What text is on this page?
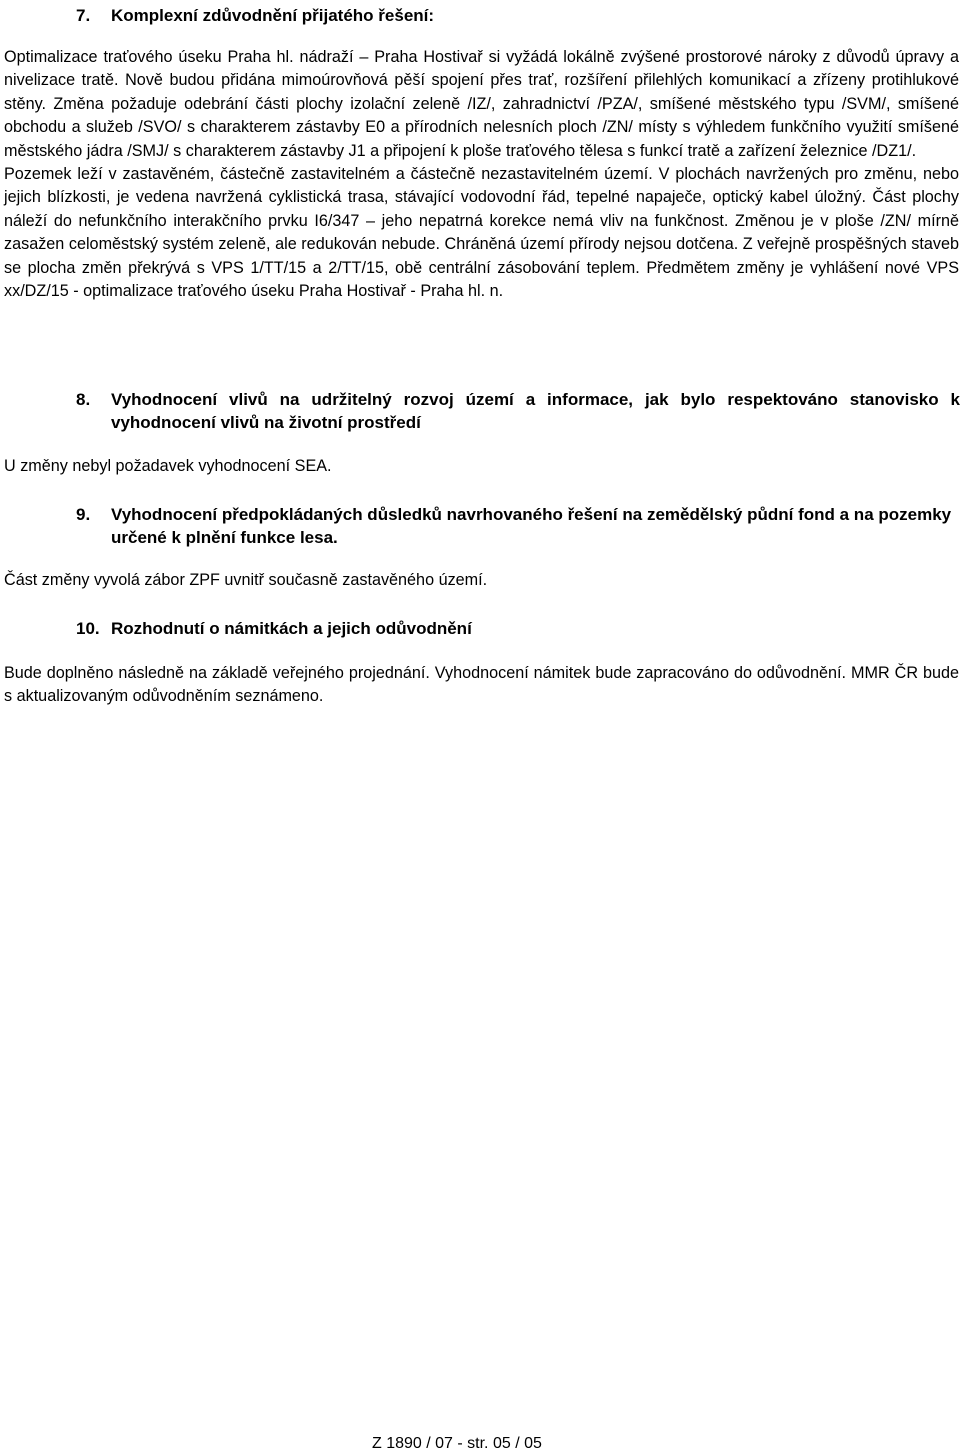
7. Komplexní zdůvodnění přijatého řešení:

Optimalizace traťového úseku Praha hl. nádraží – Praha Hostivař si vyžádá lokálně zvýšené prostorové nároky z důvodů úpravy a nivelizace tratě. Nově budou přidána mimoúrovňová pěší spojení přes trať, rozšíření přilehlých komunikací a zřízeny protihlukové stěny. Změna požaduje odebrání části plochy izolační zeleně /IZ/, zahradnictví /PZA/, smíšené městského typu /SVM/, smíšené obchodu a služeb /SVO/ s charakterem zástavby E0 a přírodních nelesních ploch /ZN/ místy s výhledem funkčního využití smíšené městského jádra /SMJ/ s charakterem zástavby J1 a připojení k ploše traťového tělesa s funkcí tratě a zařízení železnice /DZ1/.

Pozemek leží v zastavěném, částečně zastavitelném a částečně nezastavitelném území. V plochách navržených pro změnu, nebo jejich blízkosti, je vedena navržená cyklistická trasa, stávající vodovodní řád, tepelné napaječe, optický kabel úložný. Část plochy náleží do nefunkčního interakčního prvku I6/347 – jeho nepatrná korekce nemá vliv na funkčnost. Změnou je v ploše /ZN/ mírně zasažen celoměstský systém zeleně, ale redukován nebude. Chráněná území přírody nejsou dotčena. Z veřejně prospěšných staveb se plocha změn překrývá s VPS 1/TT/15 a 2/TT/15, obě centrální zásobování teplem. Předmětem změny je vyhlášení nové VPS xx/DZ/15 - optimalizace traťového úseku Praha Hostivař - Praha hl. n.

8. Vyhodnocení vlivů na udržitelný rozvoj území a informace, jak bylo respektováno stanovisko k vyhodnocení vlivů na životní prostředí

U změny nebyl požadavek vyhodnocení SEA.

9. Vyhodnocení předpokládaných důsledků navrhovaného řešení na zemědělský půdní fond a na pozemky určené k plnění funkce lesa.

Část změny vyvolá zábor ZPF uvnitř současně zastavěného území.

10. Rozhodnutí o námitkách a jejich odůvodnění

Bude doplněno následně na základě veřejného projednání. Vyhodnocení námitek bude zapracováno do odůvodnění. MMR ČR bude s aktualizovaným odůvodněním seznámeno.

Z 1890 / 07 - str. 05 / 05
